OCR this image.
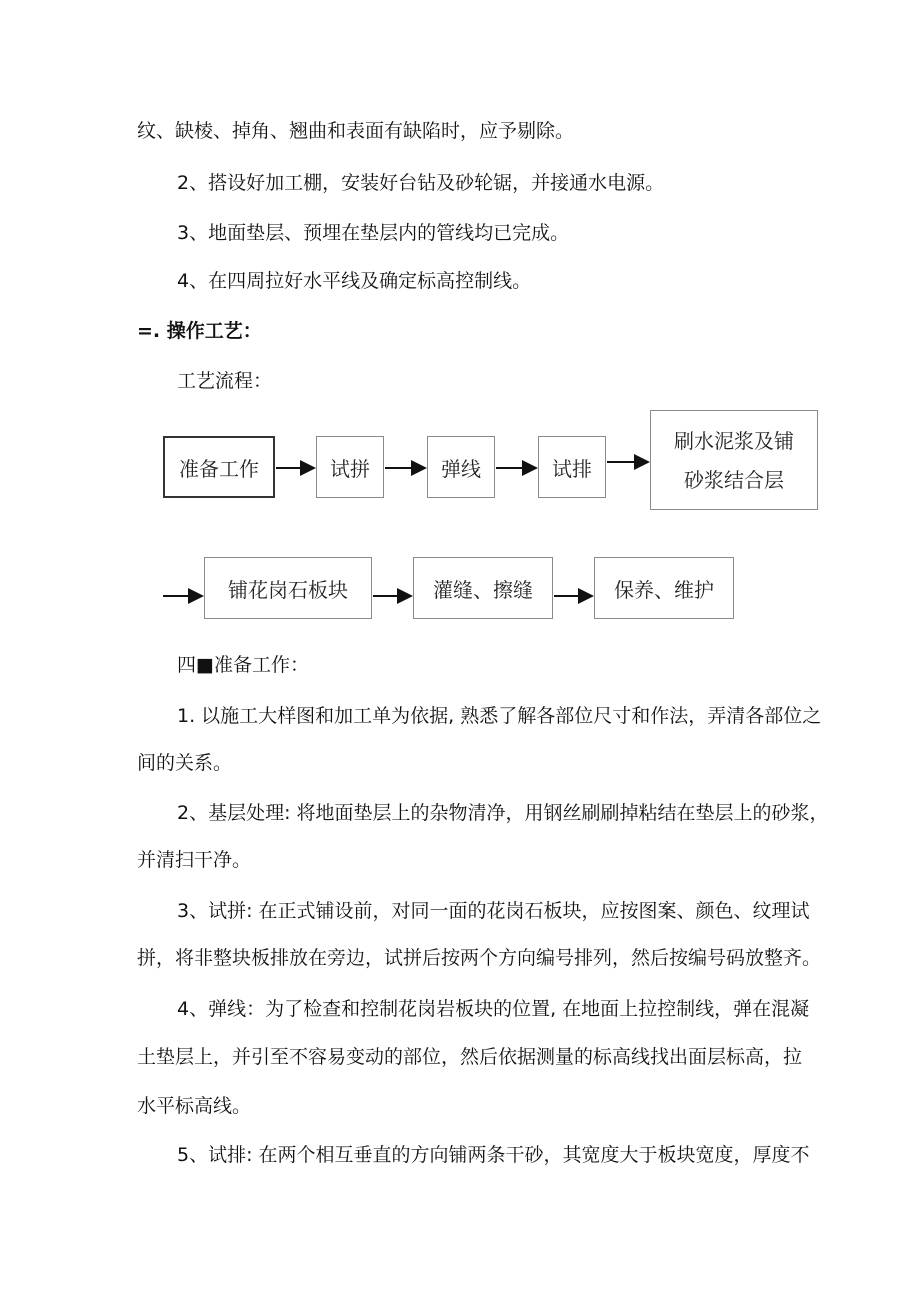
纹、缺棱、掉角、翘曲和表面有缺陷时，应予剔除。
2、搭设好加工棚，安装好台钻及砂轮锯，并接通水电源。
3、地面垫层、预埋在垫层内的管线均已完成。
4、在四周拉好水平线及确定标高控制线。
=. 操作工艺：
工艺流程：
准备工作	试拼	弹线	试排
刷水泥浆及铺
砂浆结合层
铺花岗石板块	灌缝、擦缝	保养、维护
四■准备工作：
1. 以施工大样图和加工单为依据, 熟悉了解各部位尺寸和作法，弄清各部位之
间的关系。
2、基层处理: 将地面垫层上的杂物清净，用钢丝刷刷掉粘结在垫层上的砂浆，
并清扫干净。
3、试拼: 在正式铺设前，对同一面的花岗石板块，应按图案、颜色、纹理试
拼，将非整块板排放在旁边，试拼后按两个方向编号排列，然后按编号码放整齐。
4、弹线：为了检查和控制花岗岩板块的位置, 在地面上拉控制线，弹在混凝
土垫层上，并引至不容易变动的部位，然后依据测量的标高线找出面层标高，拉
水平标高线。
5、试排: 在两个相互垂直的方向铺两条干砂，其宽度大于板块宽度，厚度不
